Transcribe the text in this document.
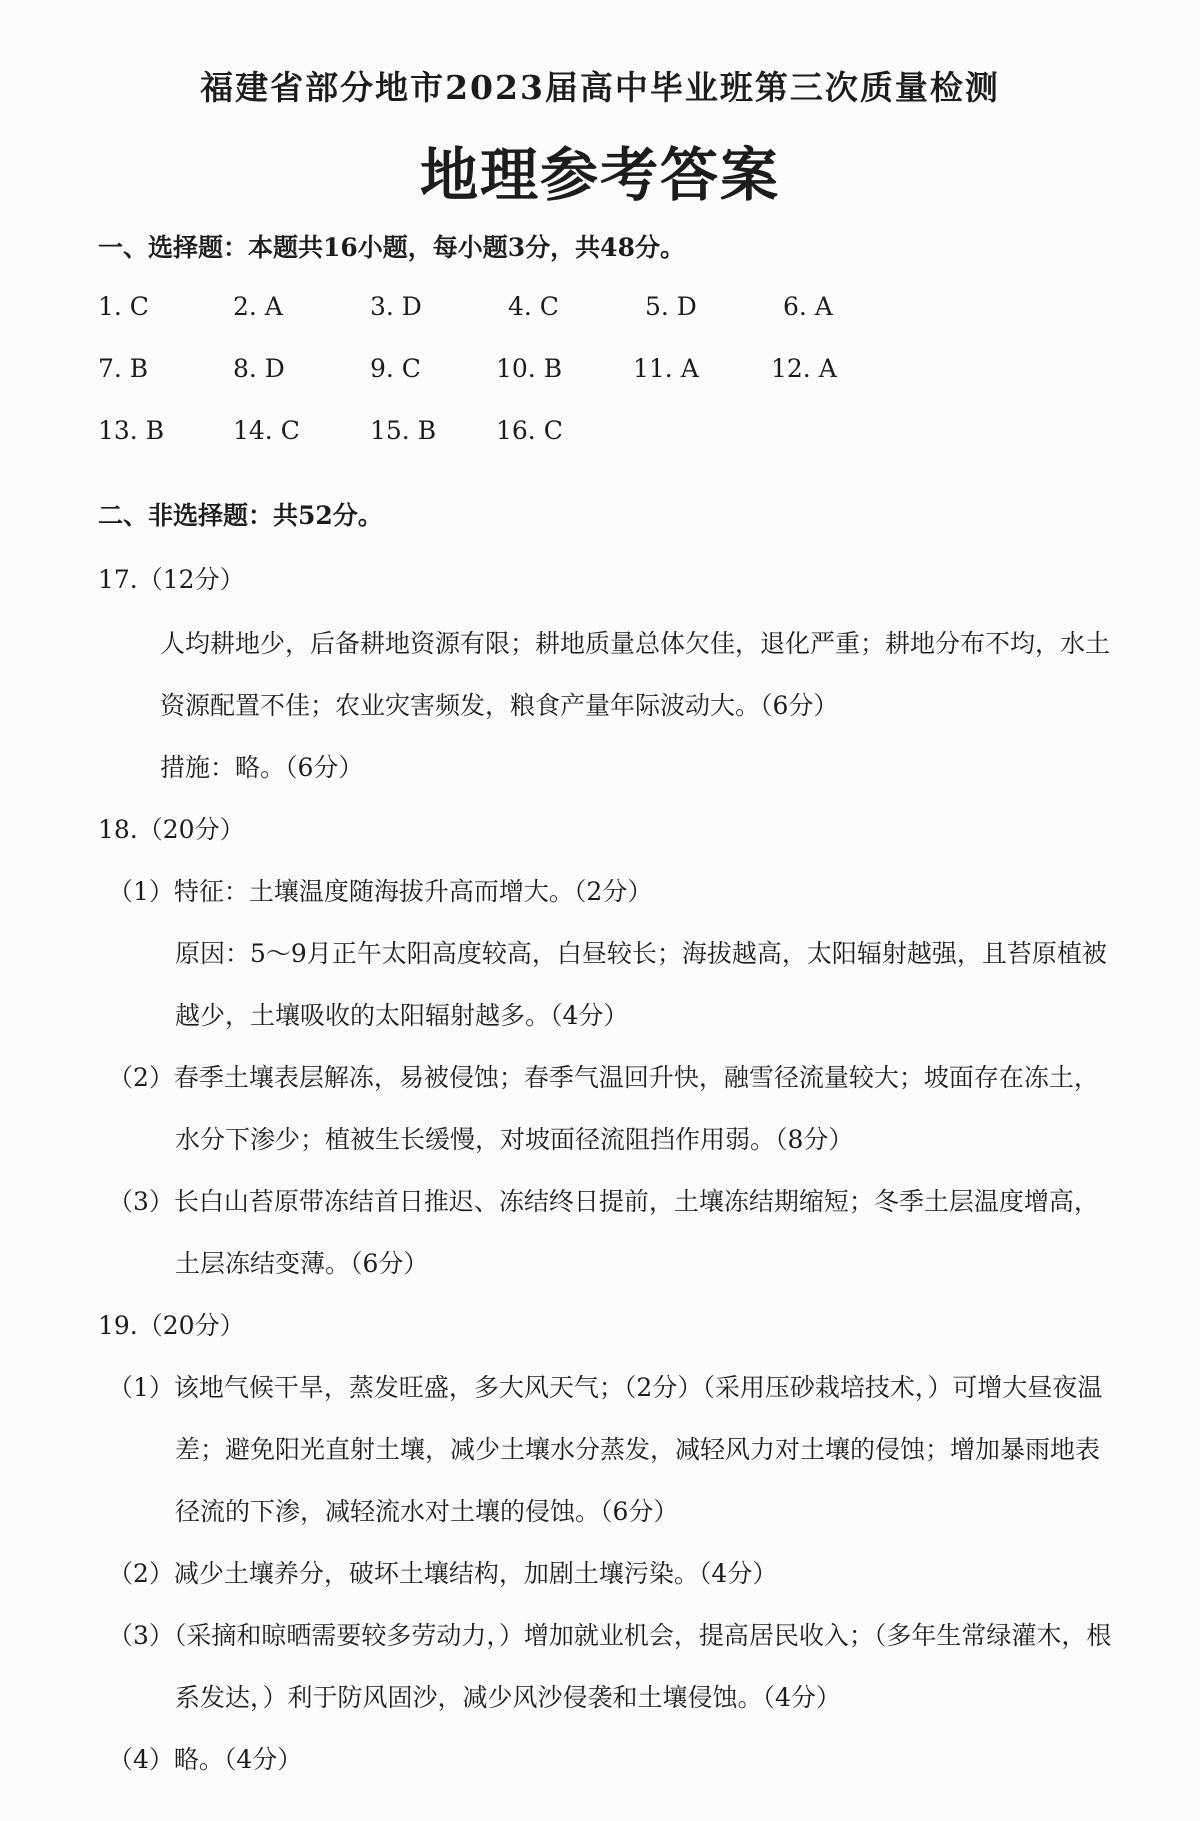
福建省部分地市2023届高中毕业班第三次质量检测
地理参考答案
一、选择题：本题共16小题，每小题3分，共48分。
1. C	2. A	3. D	4. C	5. D	6. A
7. B	8. D	9. C	10. B	11. A	12. A
13. B	14. C	15. B 16. C
二、非选择题：共52分。
17.（12分）
人均耕地少，后备耕地资源有限；耕地质量总体欠佳，退化严重；耕地分布不均，水土
资源配置不佳；农业灾害频发，粮食产量年际波动大。（6分）
措施：略。（6分）
18.（20分）
（1）特征：土壤温度随海拔升高而增大。（2分）
原因：5～9月正午太阳高度较高，白昼较长；海拔越高，太阳辐射越强，且苔原植被
越少，土壤吸收的太阳辐射越多。（4分）
（2）春季土壤表层解冻，易被侵蚀；春季气温回升快，融雪径流量较大；坡面存在冻土，
水分下渗少；植被生长缓慢，对坡面径流阻挡作用弱。（8分）
（3）长白山苔原带冻结首日推迟、冻结终日提前，土壤冻结期缩短；冬季土层温度增高，
土层冻结变薄。（6分）
19.（20分）
（1）该地气候干旱，蒸发旺盛，多大风天气；（2分）（采用压砂栽培技术，）可增大昼夜温
差；避免阳光直射土壤，减少土壤水分蒸发，减轻风力对土壤的侵蚀；增加暴雨地表
径流的下渗，减轻流水对土壤的侵蚀。（6分）
（2）减少土壤养分，破坏土壤结构，加剧土壤污染。（4分）
（3）（采摘和晾晒需要较多劳动力，）增加就业机会，提高居民收入；（多年生常绿灌木，根
系发达，）利于防风固沙，减少风沙侵袭和土壤侵蚀。（4分）
（4）略。（4分）
